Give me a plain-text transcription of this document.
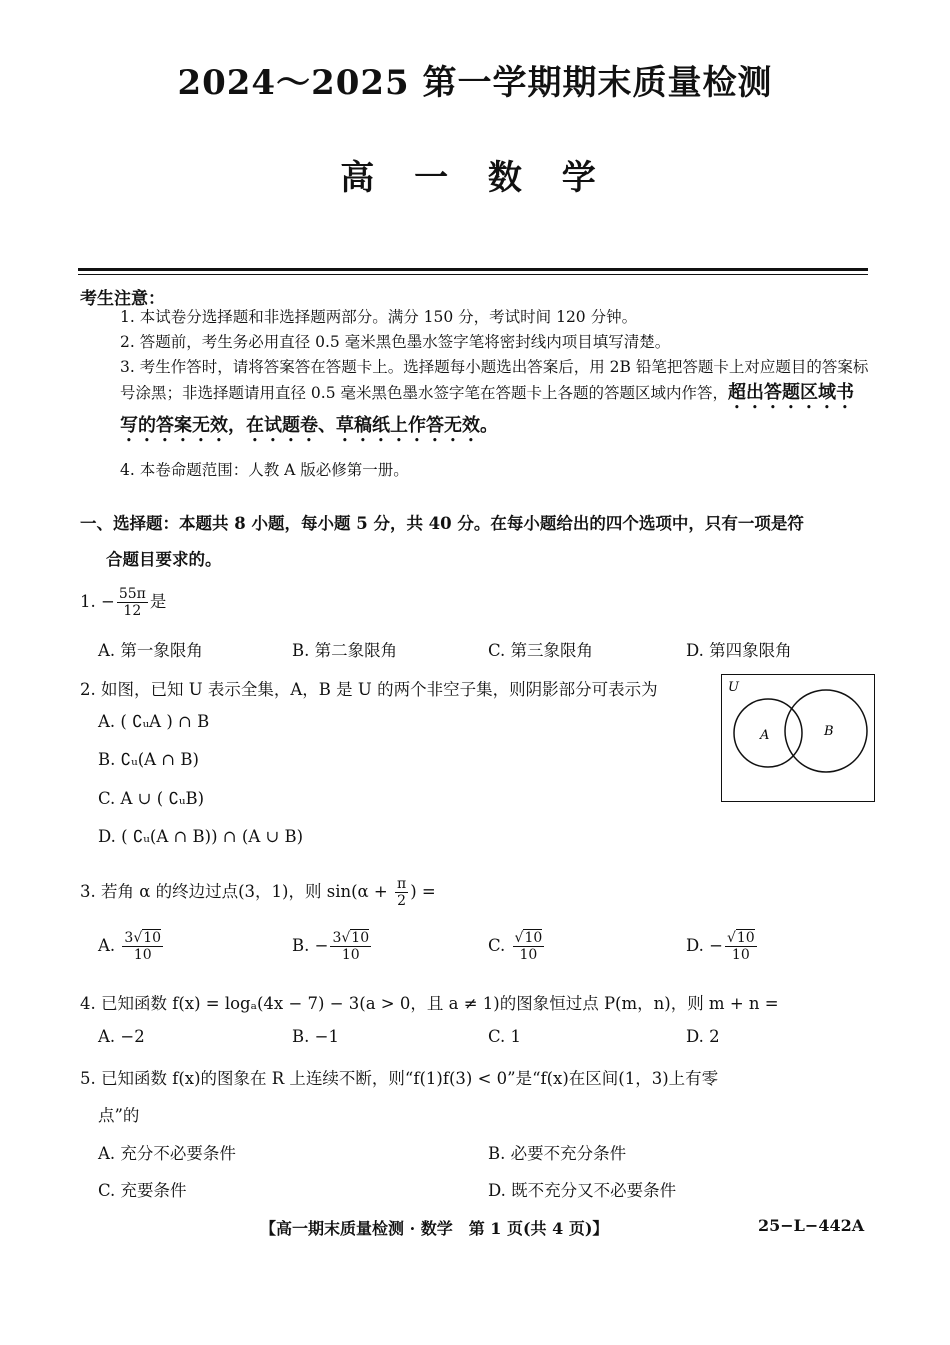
2024～2025 第一学期期末质量检测
高 一 数 学
考生注意：
1. 本试卷分选择题和非选择题两部分。满分 150 分，考试时间 120 分钟。
2. 答题前，考生务必用直径 0.5 毫米黑色墨水签字笔将密封线内项目填写清楚。
3. 考生作答时，请将答案答在答题卡上。选择题每小题选出答案后，用 2B 铅笔把答题卡上对应题目的答案标号涂黑；非选择题请用直径 0.5 毫米黑色墨水签字笔在答题卡上各题的答题区域内作答，超出答题区域书写的答案无效，在试题卷、草稿纸上作答无效。
4. 本卷命题范围：人教 A 版必修第一册。
一、选择题：本题共 8 小题，每小题 5 分，共 40 分。在每小题给出的四个选项中，只有一项是符
合题目要求的。
1. − $\frac{55\pi}{12}$ 是
A. 第一象限角	B. 第二象限角	C. 第三象限角	D. 第四象限角
2. 如图，已知 U 表示全集，A，B 是 U 的两个非空子集，则阴影部分可表示为
A. ( ∁ᵤA ) ∩ B
B. ∁ᵤ(A ∩ B)
C. A ∪ ( ∁ᵤB)
D. ( ∁ᵤ(A ∩ B)) ∩ (A ∪ B)
U
A	B
3. 若角 α 的终边过点(3，1)，则 $\sin(\alpha + \frac{\pi}{2}$ ) =
A. $\frac{3√10}{10}$	B. − $\frac{3√10}{10}$	C. $\frac{√10}{10}$	D. − $\frac{√10}{10}$
4. 已知函数 f(x) = logₐ(4x − 7) − 3(a > 0，且 a ≠ 1)的图象恒过点 P(m，n)，则 m + n =
A. −2	B. −1	C. 1	D. 2
5. 已知函数 f(x)的图象在 R 上连续不断，则“f(1)f(3) < 0”是“f(x)在区间(1，3)上有零
点”的
A. 充分不必要条件	B. 必要不充分条件
C. 充要条件	D. 既不充分又不必要条件
【高一期末质量检测 · 数学　第 1 页(共 4 页)】	25−L−442A
